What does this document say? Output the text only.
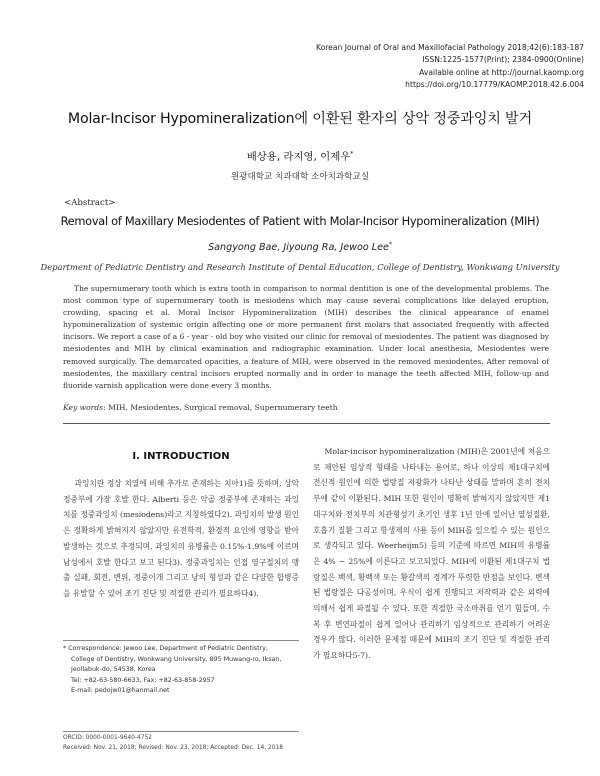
Korean Journal of Oral and Maxillofacial Pathology 2018;42(6):183-187
ISSN:1225-1577(Print); 2384-0900(Online)
Available online at http://journal.kaomp.org
https://doi.org/10.17779/KAOMP.2018.42.6.004
Molar-Incisor Hypomineralization에 이환된 환자의 상악 정중과잉치 발거
배상용, 라지영, 이제우*
원광대학교 치과대학 소아치과학교실
<Abstract>
Removal of Maxillary Mesiodentes of Patient with Molar-Incisor Hypomineralization (MIH)
Sangyong Bae, Jiyoung Ra, Jewoo Lee*
Department of Pediatric Dentistry and Research Institute of Dental Education, College of Dentistry, Wonkwang University
The supernumerary tooth which is extra tooth in comparison to normal dentition is one of the developmental problems. The most common type of supernumerary tooth is mesiodens which may cause several complications like delayed eruption, crowding, spacing et al. Moral Incisor Hypomineralization (MIH) describes the clinical appearance of enamel hypomineralization of systemic origin affecting one or more permanent first molars that associated frequently with affected incisors. We report a case of a 6 - year - old boy who visited our clinic for removal of mesiodentes. The patient was diagnosed by mesiodentes and MIH by clinical examination and radiographic examination. Under local anesthesia, Mesiodentes were removed surgically. The demarcated opacities, a feature of MIH, were observed in the removed mesiodentes. After removal of mesiodentes, the maxillary central incisors erupted normally and in order to manage the teeth affected MIH, follow-up and fluoride varnish application were done every 3 months.
Key words: MIH, Mesiodentes, Surgical removal, Supernumerary teeth
Ⅰ. INTRODUCTION

과잉치란 정상 치열에 비해 추가로 존재하는 치아1)를 뜻하며, 상악 정중부에 가장 호발 한다. Alberti 등은 악골 정중부에 존재하는 과잉치를 정중과잉치 (mesiodens)라고 지칭하였다2). 과잉치의 발생 원인은 정확하게 밝혀지지 않았지만 유전학적, 환경적 요인에 영향을 받아 발생하는 것으로 추정되며, 과잉치의 유병률은 0.15%-1.9%에 이르며 남성에서 호발 한다고 보고 된다3). 정중과잉치는 인접 영구절치의 맹출 실패, 회전, 변위, 정중이개 그리고 낭의 형성과 같은 다양한 합병증을 유발할 수 있어 조기 진단 및 적절한 관리가 필요하다4).

Molar-incisor hypomineralization (MIH)은 2001년에 처음으로 제안된 임상적 형태를 나타내는 용어로, 하나 이상의 제1대구치에 전신적 원인에 의한 법랑질 저광화가 나타난 상태를 말하며 흔히 전치부에 같이 이환된다. MIH 또한 원인이 명확히 밝혀지지 않았지만 제1대구치와 전치부의 치관형성기 초기인 생후 1년 안에 일어난 열성질환, 호흡기 질환 그리고 항생제의 사용 등이 MIH를 일으킬 수 있는 원인으로 생각되고 있다. Weerheijm5) 등의 기준에 따르면 MIH의 유병률은 4% ~ 25%에 이른다고 보고되었다. MIH에 이환된 제1대구치 법랑질은 백색, 황백색 또는 황갈색의 경계가 뚜렷한 반점을 보인다. 변색된 법랑질은 다공성이며, 우식이 쉽게 진행되고 저작력과 같은 외력에 의해서 쉽게 파절될 수 있다. 또한 적절한 국소마취를 얻기 힘들며, 수복 후 변연파절이 쉽게 일어나 관리하기 임상적으로 관리하기 어려운 경우가 많다. 이러한 문제점 때문에 MIH의 조기 진단 및 적절한 관리가 필요하다5-7).

* Correspondence: Jewoo Lee, Department of Pediatric Dentistry,
College of Dentistry, Wonkwang University, 895 Muwang-ro, Iksan,
Jeollabuk-do, 54538, Korea
Tel: +82-63-580-6633, Fax: +82-63-858-2957
E-mail: pedojw01@hanmail.net
ORCID: 0000-0001-9640-4752
Received: Nov. 21, 2018; Revised: Nov. 23, 2018; Accepted: Dec. 14, 2018
